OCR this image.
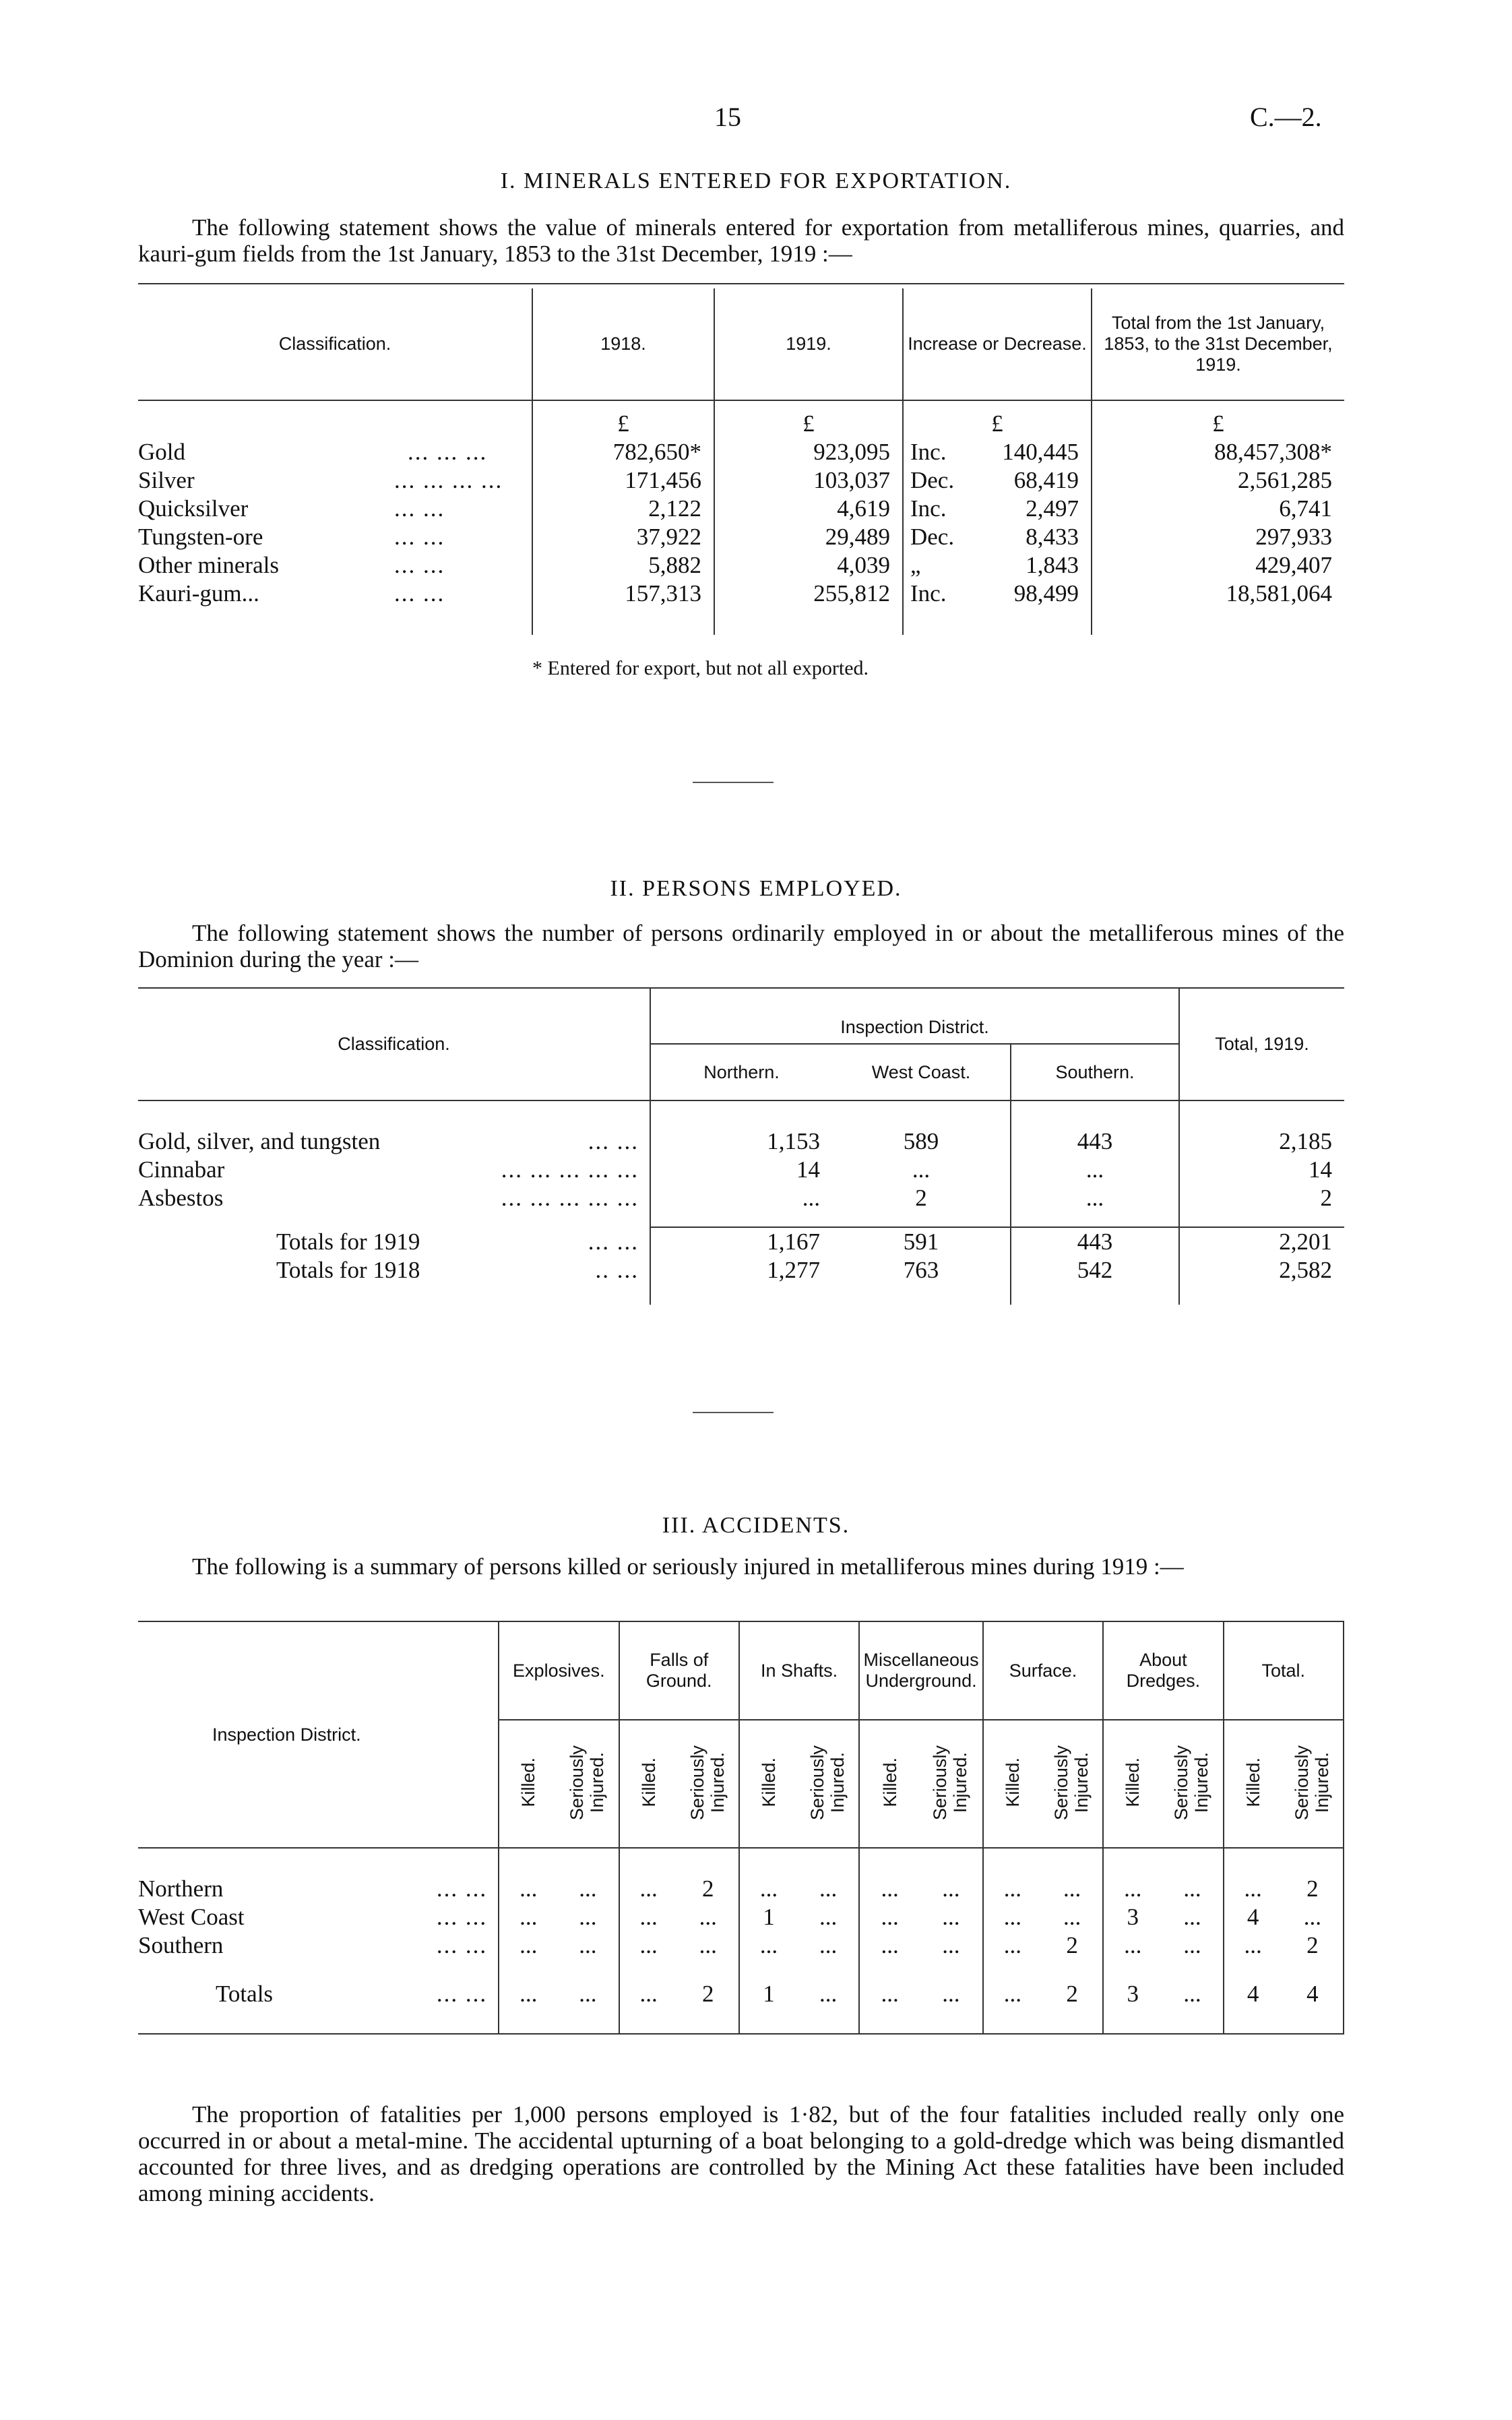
15	C.—2.
I. MINERALS ENTERED FOR EXPORTATION.
The following statement shows the value of minerals entered for exportation from metalliferous mines, quarries, and kauri-gum fields from the 1st January, 1853 to the 31st December, 1919 :—
Classification.	1918.	1919.	Increase or Decrease.	Total from the 1st January, 1853, to the 31st December, 1919.
	£	£	£	£
Gold ... ... ...	782,650*	923,095	Inc. 140,445	88,457,308*
Silver ... ... ... ...	171,456	103,037	Dec. 68,419	2,561,285
Quicksilver ... ...	2,122	4,619	Inc. 2,497	6,741
Tungsten-ore ... ...	37,922	29,489	Dec. 8,433	297,933
Other minerals ... ...	5,882	4,039	„ 1,843	429,407
Kauri-gum... ... ...	157,313	255,812	Inc. 98,499	18,581,064

* Entered for export, but not all exported.
II. PERSONS EMPLOYED.
The following statement shows the number of persons ordinarily employed in or about the metalliferous mines of the Dominion during the year :—
Classification.	Inspection District.			Total, 1919.
	Northern.	West Coast.	Southern.	

Gold, silver, and tungsten ... ...	1,153	589	443	2,185
Cinnabar ... ... ... ... ...	14	...	...	14
Asbestos ... ... ... ... ...	...	2	...	2

Totals for 1919 ... ...	1,167	591	443	2,201
Totals for 1918 .. ...	1,277	763	542	2,582

III. ACCIDENTS.
The following is a summary of persons killed or seriously injured in metalliferous mines during 1919 :—
Inspection District.	Explosives.		Falls of Ground.		In Shafts.		Miscellaneous Underground.		Surface.		About Dredges.		Total.	
	Killed.	Seriously Injured.	Killed.	Seriously Injured.	Killed.	Seriously Injured.	Killed.	Seriously Injured.	Killed.	Seriously Injured.	Killed.	Seriously Injured.	Killed.	Seriously Injured.

Northern ... ...	...	...	...	2	...	...	...	...	...	...	...	...	...	2
West Coast ... ...	...	...	...	...	1	...	...	...	...	...	3	...	4	...
Southern ... ...	...	...	...	...	...	...	...	...	...	2	...	...	...	2

Totals ... ...	...	...	...	2	1	...	...	...	...	2	3	...	4	4

The proportion of fatalities per 1,000 persons employed is 1·82, but of the four fatalities included really only one occurred in or about a metal-mine. The accidental upturning of a boat belonging to a gold-dredge which was being dismantled accounted for three lives, and as dredging operations are controlled by the Mining Act these fatalities have been included among mining accidents.
